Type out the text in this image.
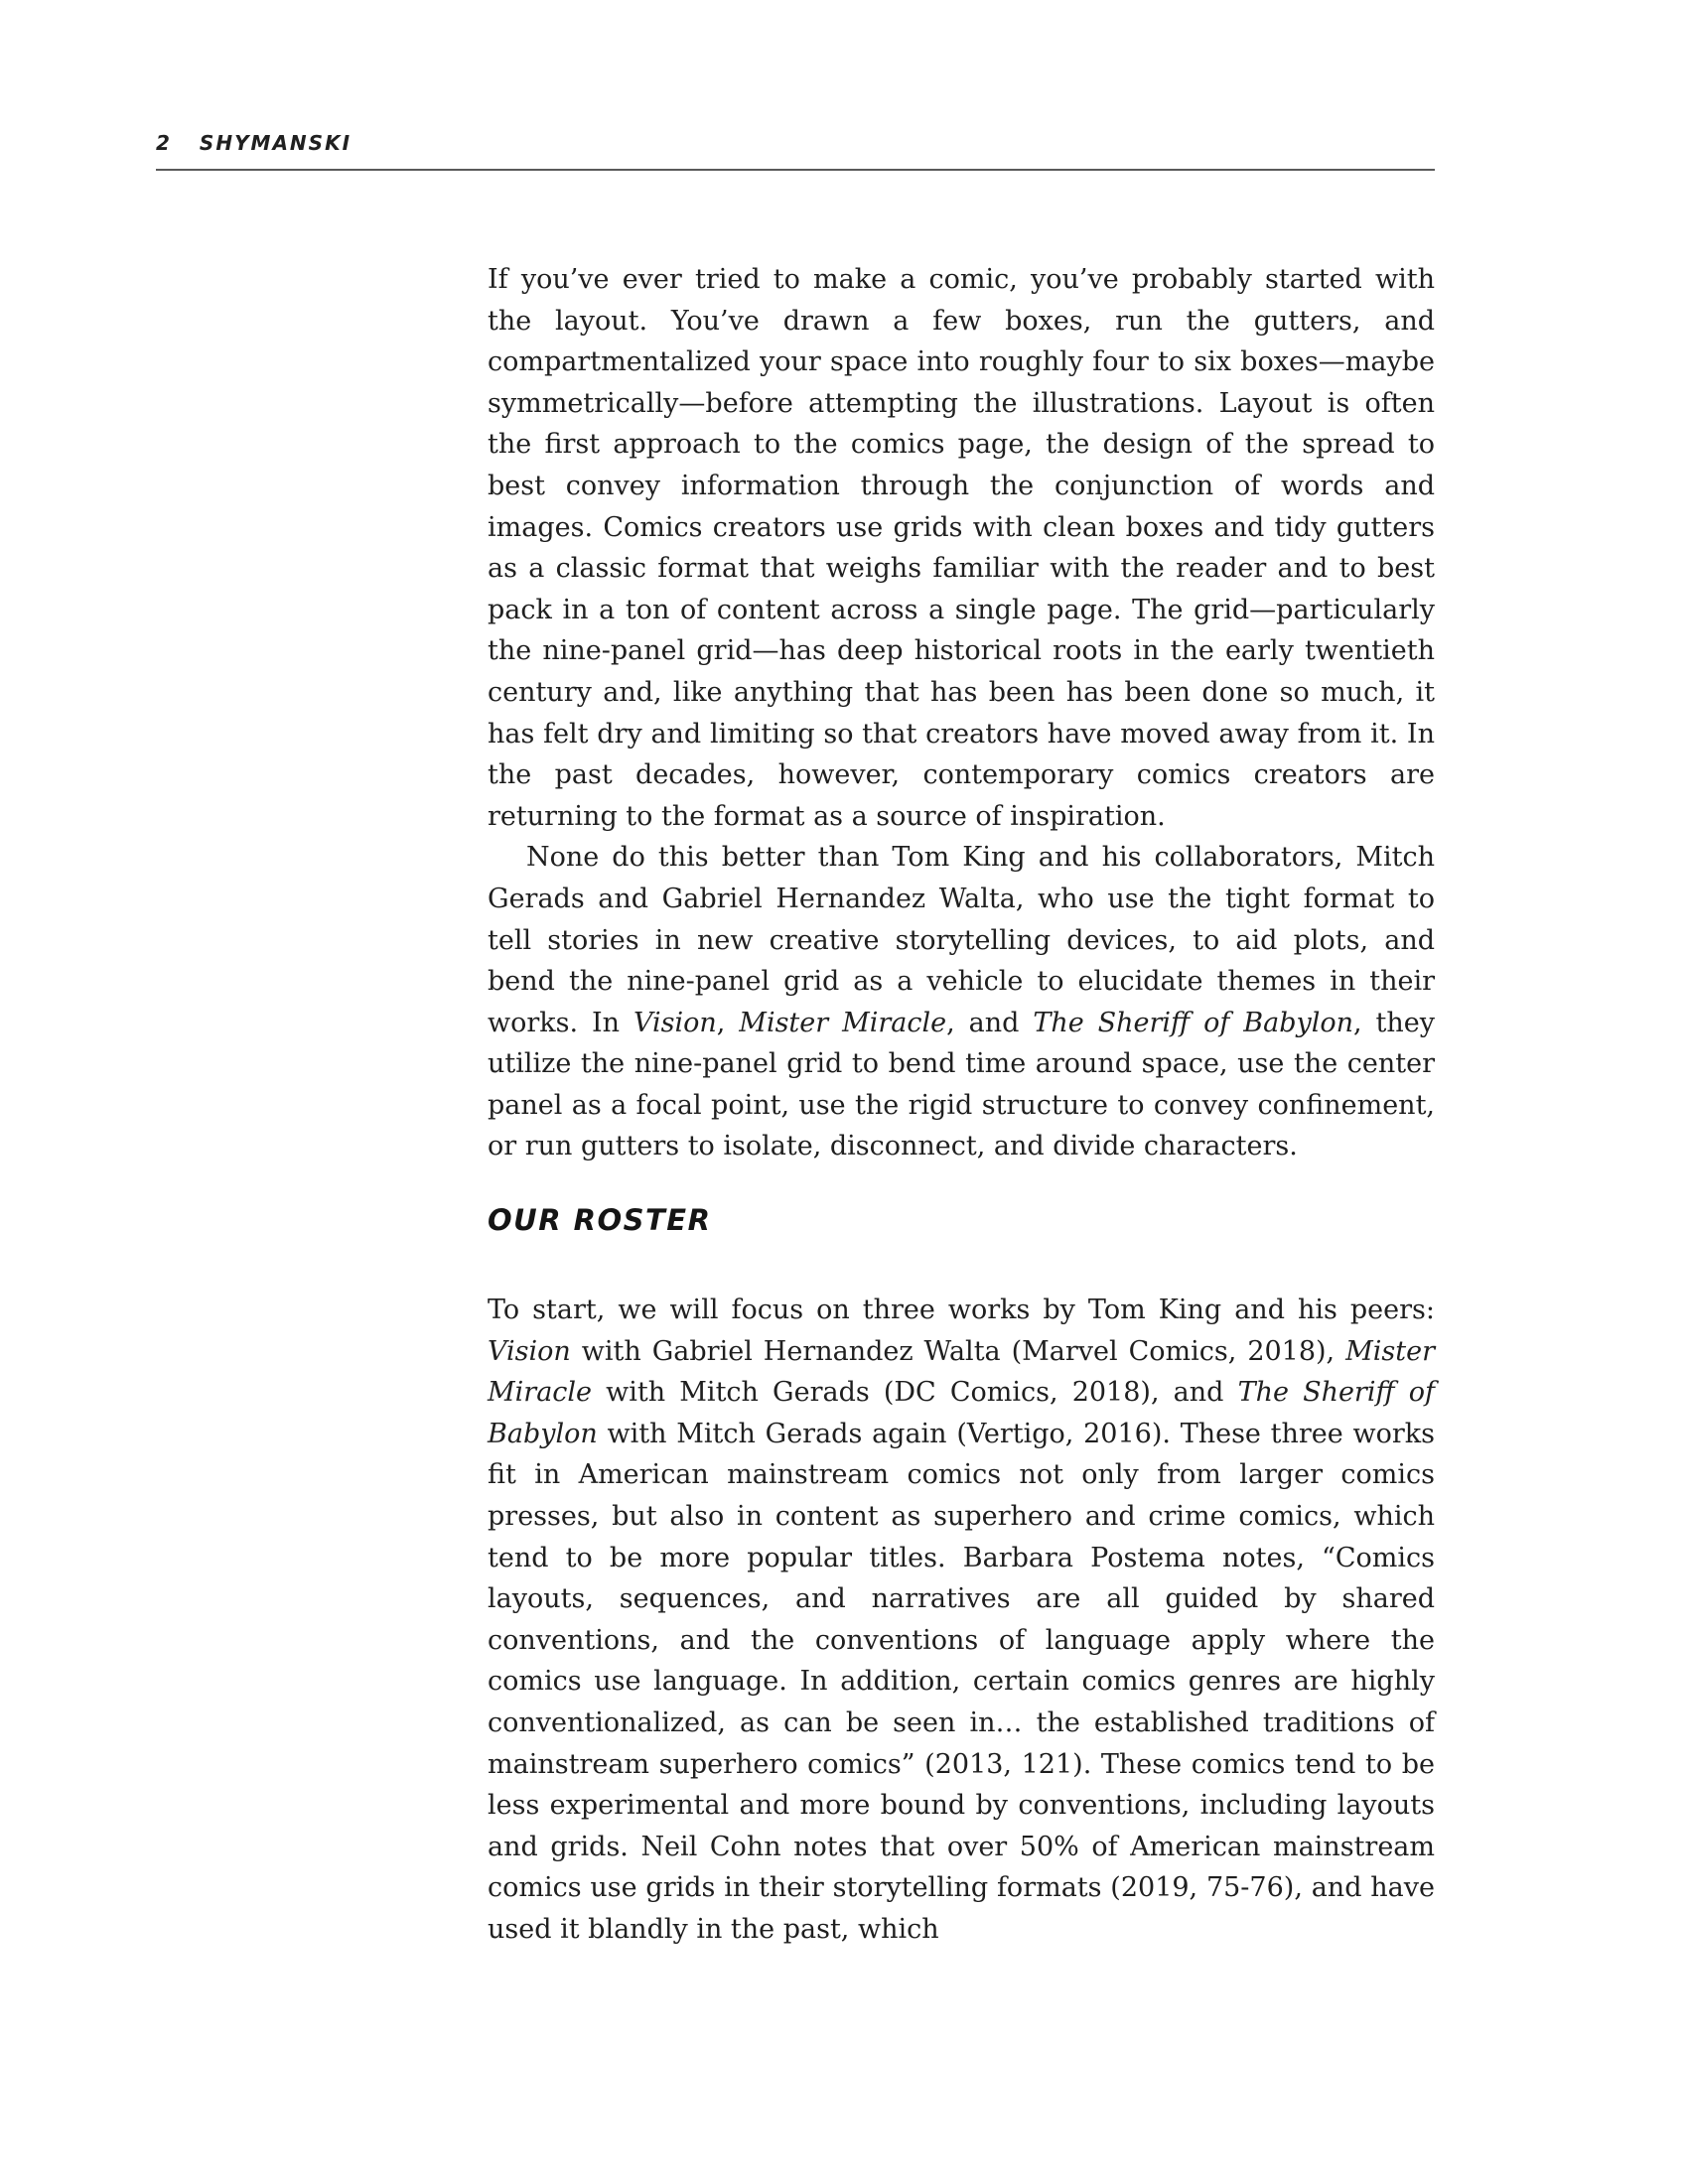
2 SHYMANSKI

If you’ve ever tried to make a comic, you’ve probably started with the layout. You’ve drawn a few boxes, run the gutters, and compartmentalized your space into roughly four to six boxes—maybe symmetrically—before attempting the illustrations. Layout is often the first approach to the comics page, the design of the spread to best convey information through the conjunction of words and images. Comics creators use grids with clean boxes and tidy gutters as a classic format that weighs familiar with the reader and to best pack in a ton of content across a single page. The grid—particularly the nine-panel grid—has deep historical roots in the early twentieth century and, like anything that has been has been done so much, it has felt dry and limiting so that creators have moved away from it. In the past decades, however, contemporary comics creators are returning to the format as a source of inspiration.

None do this better than Tom King and his collaborators, Mitch Gerads and Gabriel Hernandez Walta, who use the tight format to tell stories in new creative storytelling devices, to aid plots, and bend the nine-panel grid as a vehicle to elucidate themes in their works. In Vision, Mister Miracle, and The Sheriff of Babylon, they utilize the nine-panel grid to bend time around space, use the center panel as a focal point, use the rigid structure to convey confinement, or run gutters to isolate, disconnect, and divide characters.

OUR ROSTER

To start, we will focus on three works by Tom King and his peers: Vision with Gabriel Hernandez Walta (Marvel Comics, 2018), Mister Miracle with Mitch Gerads (DC Comics, 2018), and The Sheriff of Babylon with Mitch Gerads again (Vertigo, 2016). These three works fit in American mainstream comics not only from larger comics presses, but also in content as superhero and crime comics, which tend to be more popular titles. Barbara Postema notes, “Comics layouts, sequences, and narratives are all guided by shared conventions, and the conventions of language apply where the comics use language. In addition, certain comics genres are highly conventionalized, as can be seen in… the established traditions of mainstream superhero comics” (2013, 121). These comics tend to be less experimental and more bound by conventions, including layouts and grids. Neil Cohn notes that over 50% of American mainstream comics use grids in their storytelling formats (2019, 75-76), and have used it blandly in the past, which
